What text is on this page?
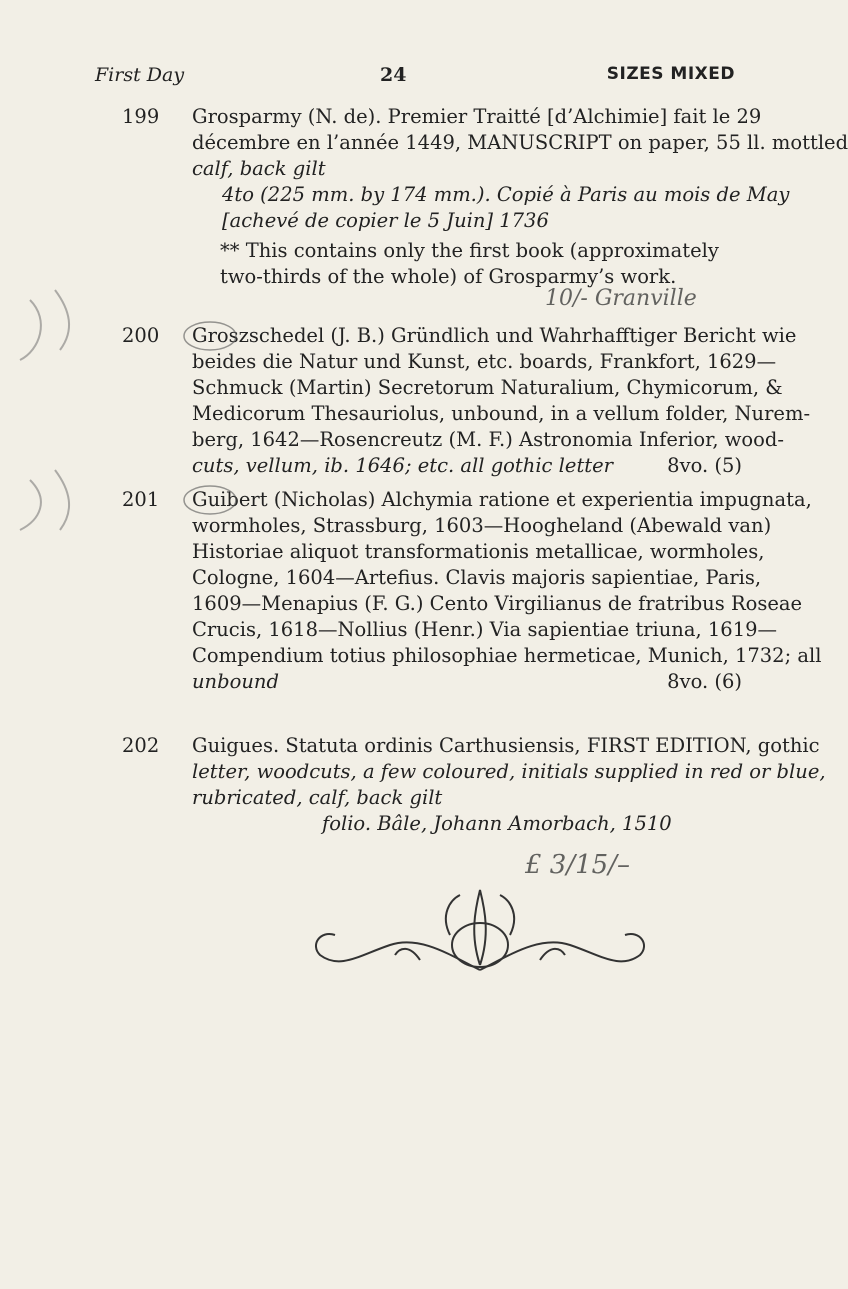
First Day	24	SIZES MIXED
199 Grosparmy (N. de). Premier Traitté [d’Alchimie] fait le 29
décembre en l’année 1449, MANUSCRIPT on paper, 55 ll. mottled
calf, back gilt
4to (225 mm. by 174 mm.). Copié à Paris au mois de May
[achevé de copier le 5 Juin] 1736
** This contains only the first book (approximately two-thirds of the whole) of Grosparmy’s work.
10/- Granville
200 Groszschedel (J. B.) Gründlich und Wahrhafftiger Bericht wie
beides die Natur und Kunst, etc. boards, Frankfort, 1629—
Schmuck (Martin) Secretorum Naturalium, Chymicorum, &
Medicorum Thesauriolus, unbound, in a vellum folder, Nurem-
berg, 1642—Rosencreutz (M. F.) Astronomia Inferior, wood-
cuts, vellum, ib. 1646; etc. all gothic letter	8vo. (5)
201 Guibert (Nicholas) Alchymia ratione et experientia impugnata,
wormholes, Strassburg, 1603—Hoogheland (Abewald van)
Historiae aliquot transformationis metallicae, wormholes,
Cologne, 1604—Artefius. Clavis majoris sapientiae, Paris,
1609—Menapius (F. G.) Cento Virgilianus de fratribus Roseae
Crucis, 1618—Nollius (Henr.) Via sapientiae triuna, 1619—
Compendium totius philosophiae hermeticae, Munich, 1732; all
unbound	8vo. (6)
202 Guigues. Statuta ordinis Carthusiensis, FIRST EDITION, gothic
letter, woodcuts, a few coloured, initials supplied in red or blue,
rubricated, calf, back gilt
folio. Bâle, Johann Amorbach, 1510
£ 3/15/–
